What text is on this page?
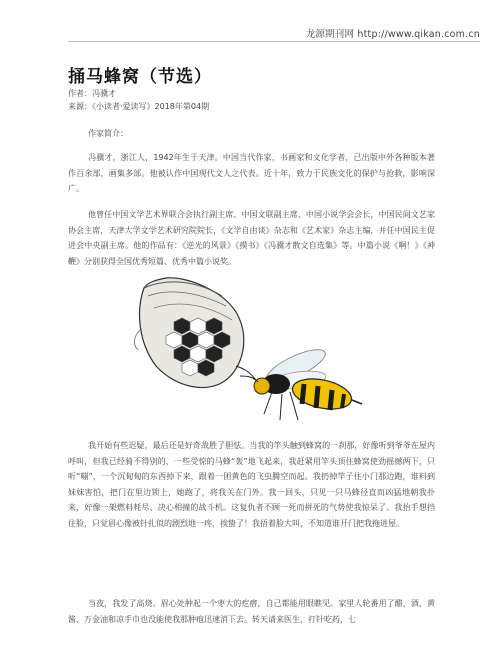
龙源期刊网 http://www.qikan.com.cn
捅马蜂窝（节选）
作者：冯骥才
来源：《小读者·爱读写》2018年第04期
作家简介：

冯骥才，浙江人，1942年生于天津。中国当代作家，书画家和文化学者，已出版中外各种版本著作百余部，画集多部。他被认作中国现代文人之代表。近十年，致力于民族文化的保护与抢救，影响深广。

他曾任中国文学艺术界联合会执行副主席、中国文联副主席、中国小说学会会长，中国民间文艺家协会主席，天津大学文学艺术研究院院长，《文学自由谈》杂志和《艺术家》杂志主编，并任中国民主促进会中央副主席。他的作品有：《逆光的风景》《摸书》《冯骥才散文自选集》等。中篇小说《啊！》《神鞭》分别获得全国优秀短篇、优秀中篇小说奖。

我开始有些迟疑，最后还是好奇战胜了胆怯。当我的竿头触到蜂窝的一刹那，好像听到爷爷在屋内呼叫，但我已经骑不得别的，一些受惊的马蜂“轰”地飞起来，我赶紧用竿头顶住蜂窝使劲摇撼两下，只听“嘣”，一个沉甸甸的东西掉下来，跟着一团黄色的飞虫腾空而起。我扔掉竿子往小门那边跑，谁料到妹妹害怕，把门在里边锁上，她跑了，将我关在门外。我一回头，只见一只马蜂径直而凶猛地朝我扑来，好像一架燃料耗尽、决心相撞的战斗机。这复仇者不顾一死而拼死的气势使我惊呆了。我抬手想挡住脸，只觉眉心像被针扎似的剧烈地一疼，挨蛰了！我捂着脸大叫，不知道谁开门把我拖进屋。

当夜，我发了高烧。眉心处肿起一个枣大的疙瘩，自己都能用眼瞧见。家里人轮番用了醋、酒、黄酱、万金油和凉手巾也没能使我那肿疱迅速消下去。转天请来医生，打针吃药，七
